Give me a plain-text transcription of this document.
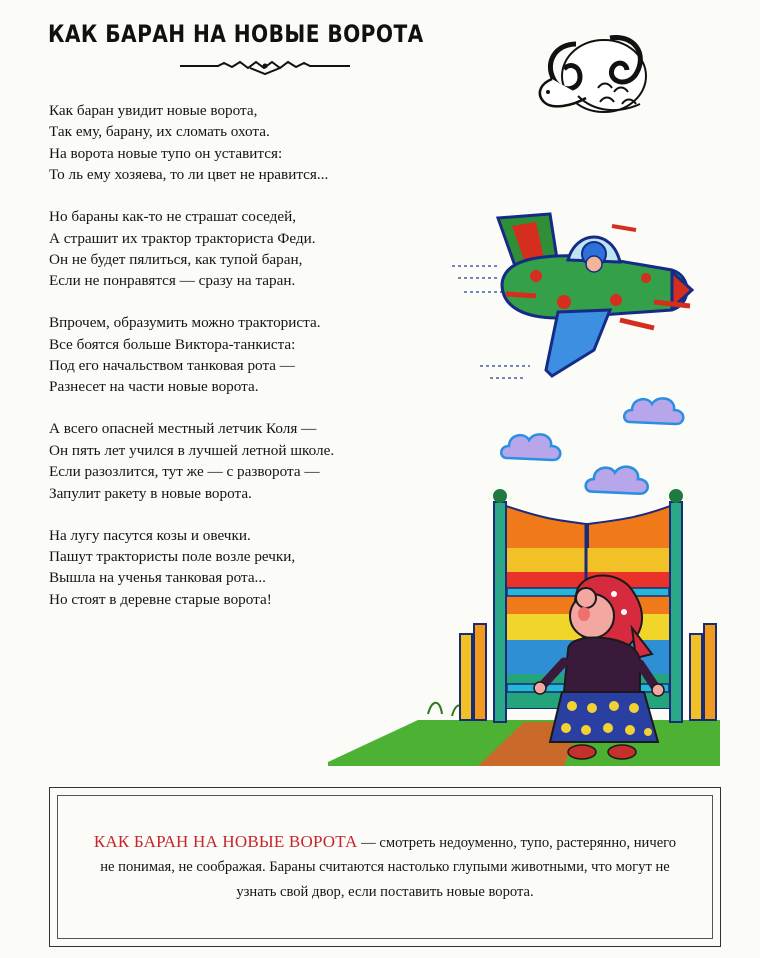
КАК БАРАН НА НОВЫЕ ВОРОТА
Как баран увидит новые ворота,
Так ему, барану, их сломать охота.
На ворота новые тупо он уставится:
То ль ему хозяева, то ли цвет не нравится...
Но бараны как-то не страшат соседей,
А страшит их трактор тракториста Феди.
Он не будет пялиться, как тупой баран,
Если не понравятся — сразу на таран.
Впрочем, образумить можно тракториста.
Все боятся больше Виктора-танкиста:
Под его начальством танковая рота —
Разнесет на части новые ворота.
А всего опасней местный летчик Коля —
Он пять лет учился в лучшей летной школе.
Если разозлится, тут же — с разворота —
Запулит ракету в новые ворота.
На лугу пасутся козы и овечки.
Пашут трактористы поле возле речки,
Вышла на ученья танковая рота...
Но стоят в деревне старые ворота!
КАК БАРАН НА НОВЫЕ ВОРОТА — смотреть недоуменно, тупо, растерянно, ничего не понимая, не соображая. Бараны считаются настолько глупыми животными, что могут не узнать свой двор, если поставить новые ворота.
